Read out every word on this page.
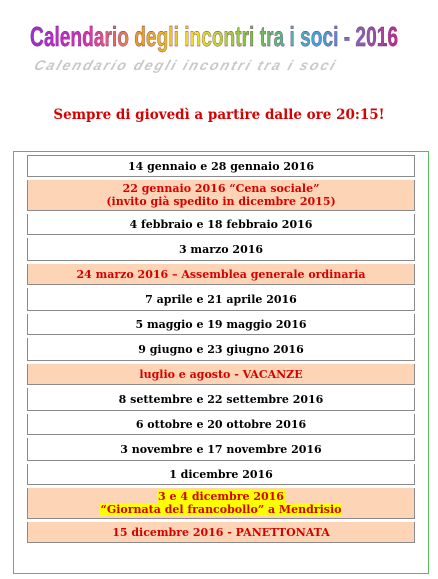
Calendario degli incontri tra i soci
Calendario degli incontri tra i soci - 2016
Sempre di giovedì a partire dalle ore 20:15!
14 gennaio e 28 gennaio 2016
22 gennaio 2016 “Cena sociale”
(invito già spedito in dicembre 2015)
4 febbraio e 18 febbraio 2016
3 marzo 2016
24 marzo 2016 – Assemblea generale ordinaria
7 aprile e 21 aprile 2016
5 maggio e 19 maggio 2016
9 giugno e 23 giugno 2016
luglio e agosto - VACANZE
8 settembre e 22 settembre 2016
6 ottobre e 20 ottobre 2016
3 novembre e 17 novembre 2016
1 dicembre 2016
3 e 4 dicembre 2016
“Giornata del francobollo” a Mendrisio
15 dicembre 2016 - PANETTONATA
